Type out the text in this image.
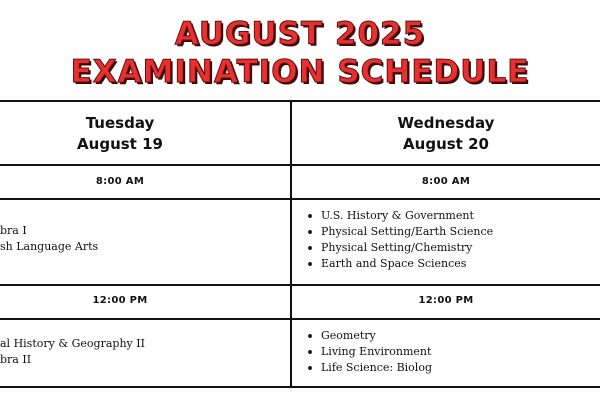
AUGUST 2025
EXAMINATION SCHEDULE
Tuesday
August 19
8:00 AM
bra I
sh Language Arts
12:00 PM
al History & Geography II
bra II
Wednesday
August 20
8:00 AM
U.S. History & Government
Physical Setting/Earth Science
Physical Setting/Chemistry
Earth and Space Sciences
12:00 PM
Geometry
Living Environment
Life Science: Biolog
